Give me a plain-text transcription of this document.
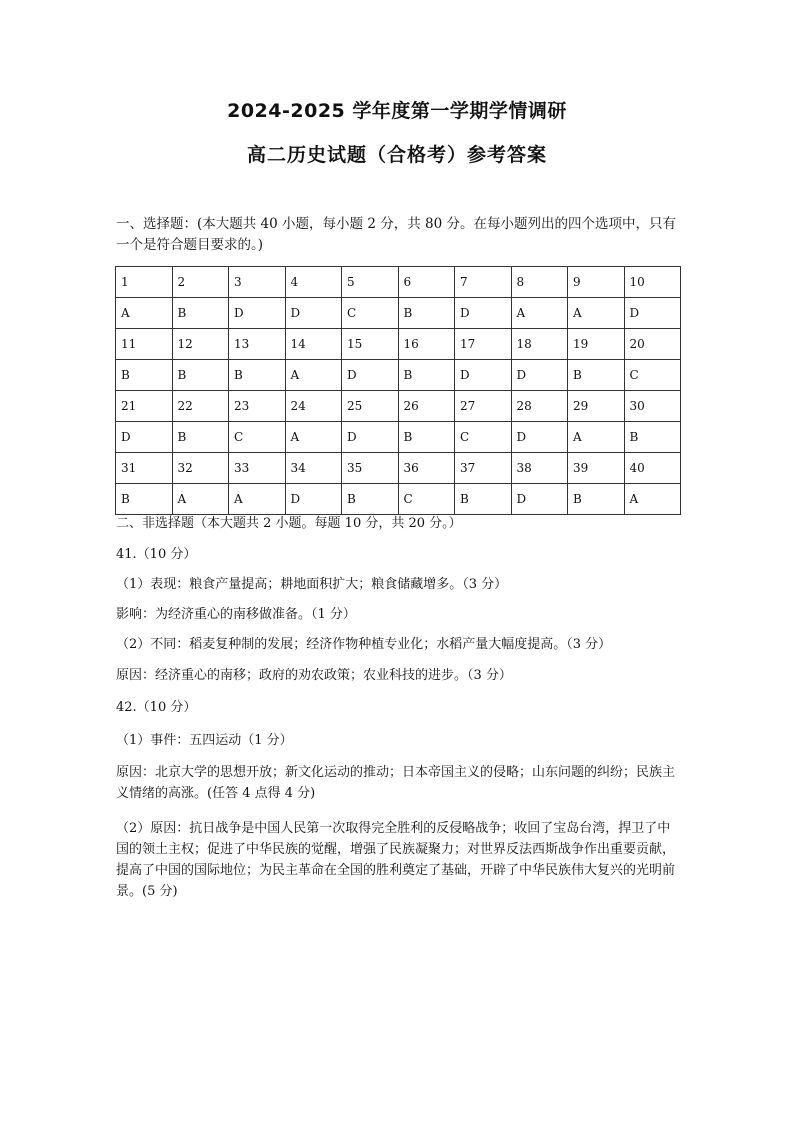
2024-2025 学年度第一学期学情调研
高二历史试题（合格考）参考答案
一、选择题：(本大题共 40 小题，每小题 2 分，共 80 分。在每小题列出的四个选项中，只有一个是符合题目要求的。)
1	2	3	4	5	6	7	8	9	10
A	B	D	D	C	B	D	A	A	D
11	12	13	14	15	16	17	18	19	20
B	B	B	A	D	B	D	D	B	C
21	22	23	24	25	26	27	28	29	30
D	B	C	A	D	B	C	D	A	B
31	32	33	34	35	36	37	38	39	40
B	A	A	D	B	C	B	D	B	A
二、非选择题（本大题共 2 小题。每题 10 分，共 20 分。）
41.（10 分）
（1）表现：粮食产量提高；耕地面积扩大；粮食储藏增多。（3 分）
影响：为经济重心的南移做准备。（1 分）
（2）不同：稻麦复种制的发展；经济作物种植专业化；水稻产量大幅度提高。（3 分）
原因：经济重心的南移；政府的劝农政策；农业科技的进步。（3 分）
42.（10 分）
（1）事件：五四运动（1 分）
原因：北京大学的思想开放；新文化运动的推动；日本帝国主义的侵略；山东问题的纠纷；民族主义情绪的高涨。(任答 4 点得 4 分)
（2）原因：抗日战争是中国人民第一次取得完全胜利的反侵略战争；收回了宝岛台湾，捍卫了中国的领土主权；促进了中华民族的觉醒，增强了民族凝聚力；对世界反法西斯战争作出重要贡献，提高了中国的国际地位；为民主革命在全国的胜利奠定了基础，开辟了中华民族伟大复兴的光明前景。(5 分)
